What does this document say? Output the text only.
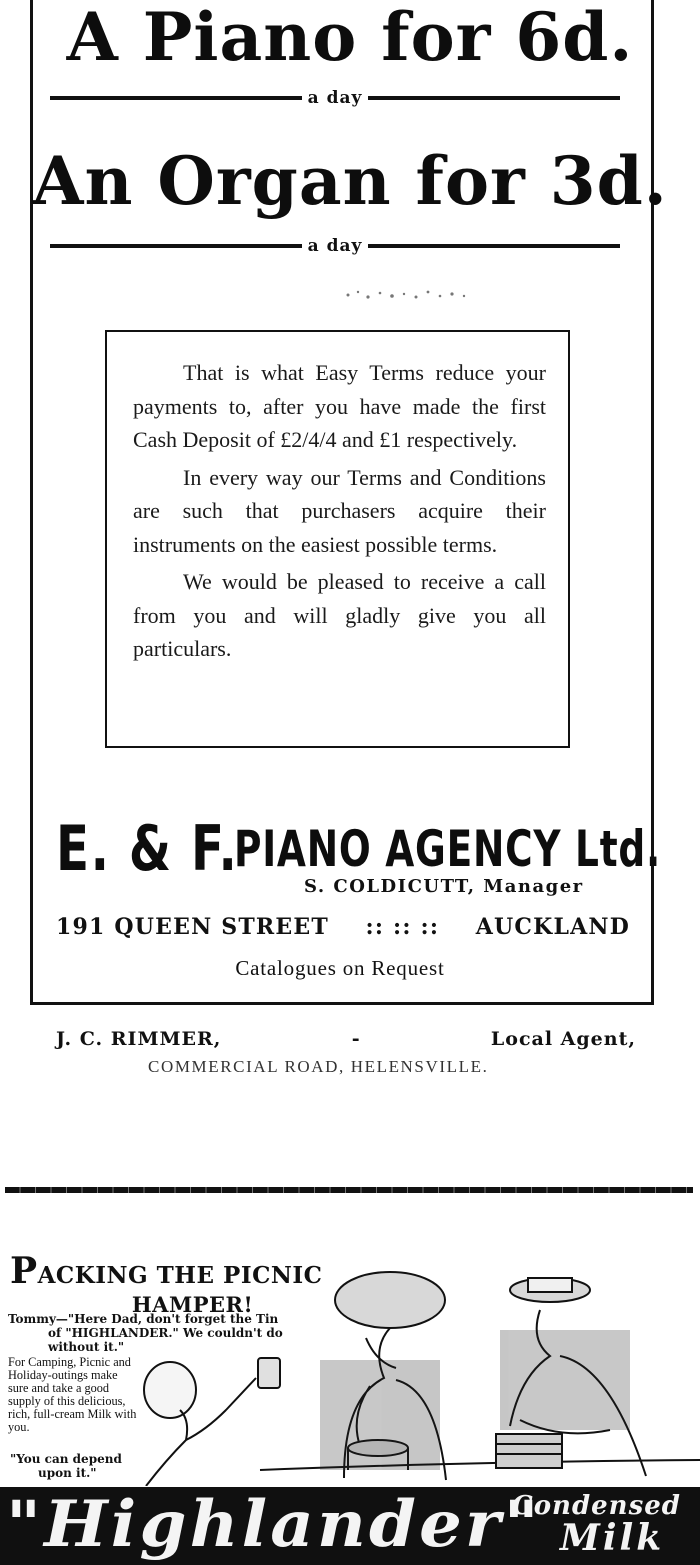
A Piano for 6d.
a day
An Organ for 3d.
a day

That is what Easy Terms reduce your payments to, after you have made the first Cash Deposit of £2/4/4 and £1 respectively.

In every way our Terms and Conditions are such that purchasers acquire their instruments on the easiest possible terms.

We would be pleased to receive a call from you and will gladly give you all particulars.

E. & F.
PIANO AGENCY Ltd.
S. COLDICUTT, Manager
191 QUEEN STREET :: :: :: AUCKLAND
Catalogues on Request
J. C. RIMMER,	-	Local Agent,
COMMERCIAL ROAD, HELENSVILLE.
PACKING THE PICNIC
HAMPER!
Tommy—"Here Dad, don't forget the Tin
of "HIGHLANDER." We couldn't do
without it."
For Camping, Picnic and Holiday-outings make sure and take a good supply of this delicious, rich, full-cream Milk with you.
"You can depend
upon it."
"Highlander"
Condensed
Milk
